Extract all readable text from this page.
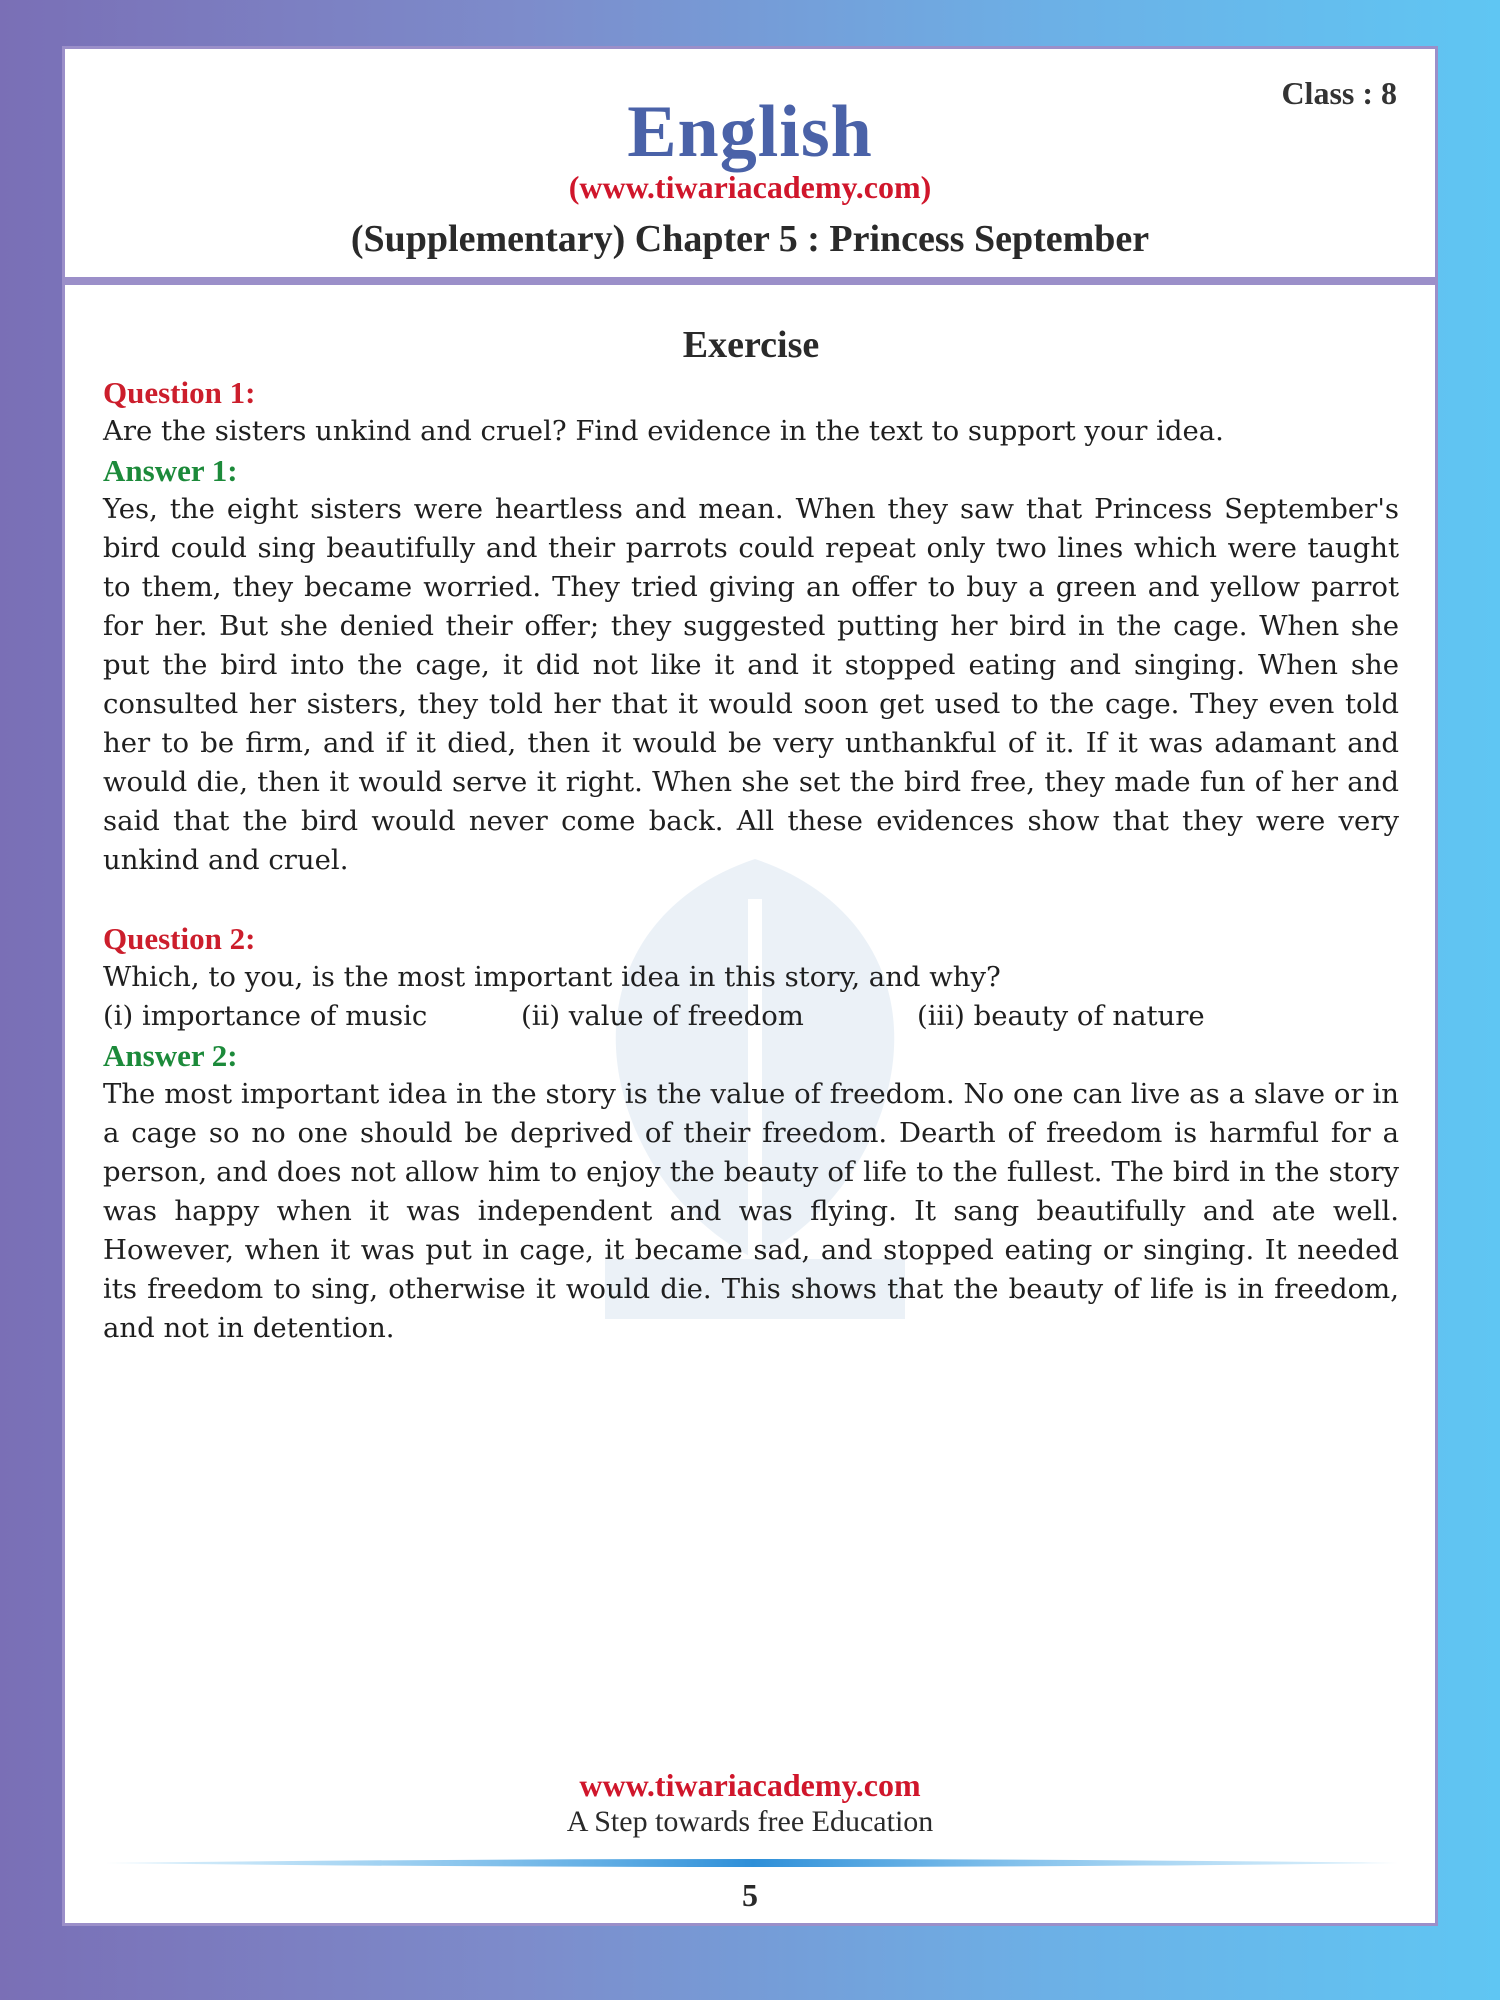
English	Class : 8
(www.tiwariacademy.com)
(Supplementary) Chapter 5 : Princess September
Exercise
Question 1:
Are the sisters unkind and cruel? Find evidence in the text to support your idea.
Answer 1:
Yes, the eight sisters were heartless and mean. When they saw that Princess September's bird could sing beautifully and their parrots could repeat only two lines which were taught to them, they became worried. They tried giving an offer to buy a green and yellow parrot for her. But she denied their offer; they suggested putting her bird in the cage. When she put the bird into the cage, it did not like it and it stopped eating and singing. When she consulted her sisters, they told her that it would soon get used to the cage. They even told her to be firm, and if it died, then it would be very unthankful of it. If it was adamant and would die, then it would serve it right. When she set the bird free, they made fun of her and said that the bird would never come back. All these evidences show that they were very unkind and cruel.
Question 2:
Which, to you, is the most important idea in this story, and why?
(i) importance of music	(ii) value of freedom	(iii) beauty of nature
Answer 2:
The most important idea in the story is the value of freedom. No one can live as a slave or in a cage so no one should be deprived of their freedom. Dearth of freedom is harmful for a person, and does not allow him to enjoy the beauty of life to the fullest. The bird in the story was happy when it was independent and was flying. It sang beautifully and ate well. However, when it was put in cage, it became sad, and stopped eating or singing. It needed its freedom to sing, otherwise it would die. This shows that the beauty of life is in freedom, and not in detention.
www.tiwariacademy.com
A Step towards free Education
5
